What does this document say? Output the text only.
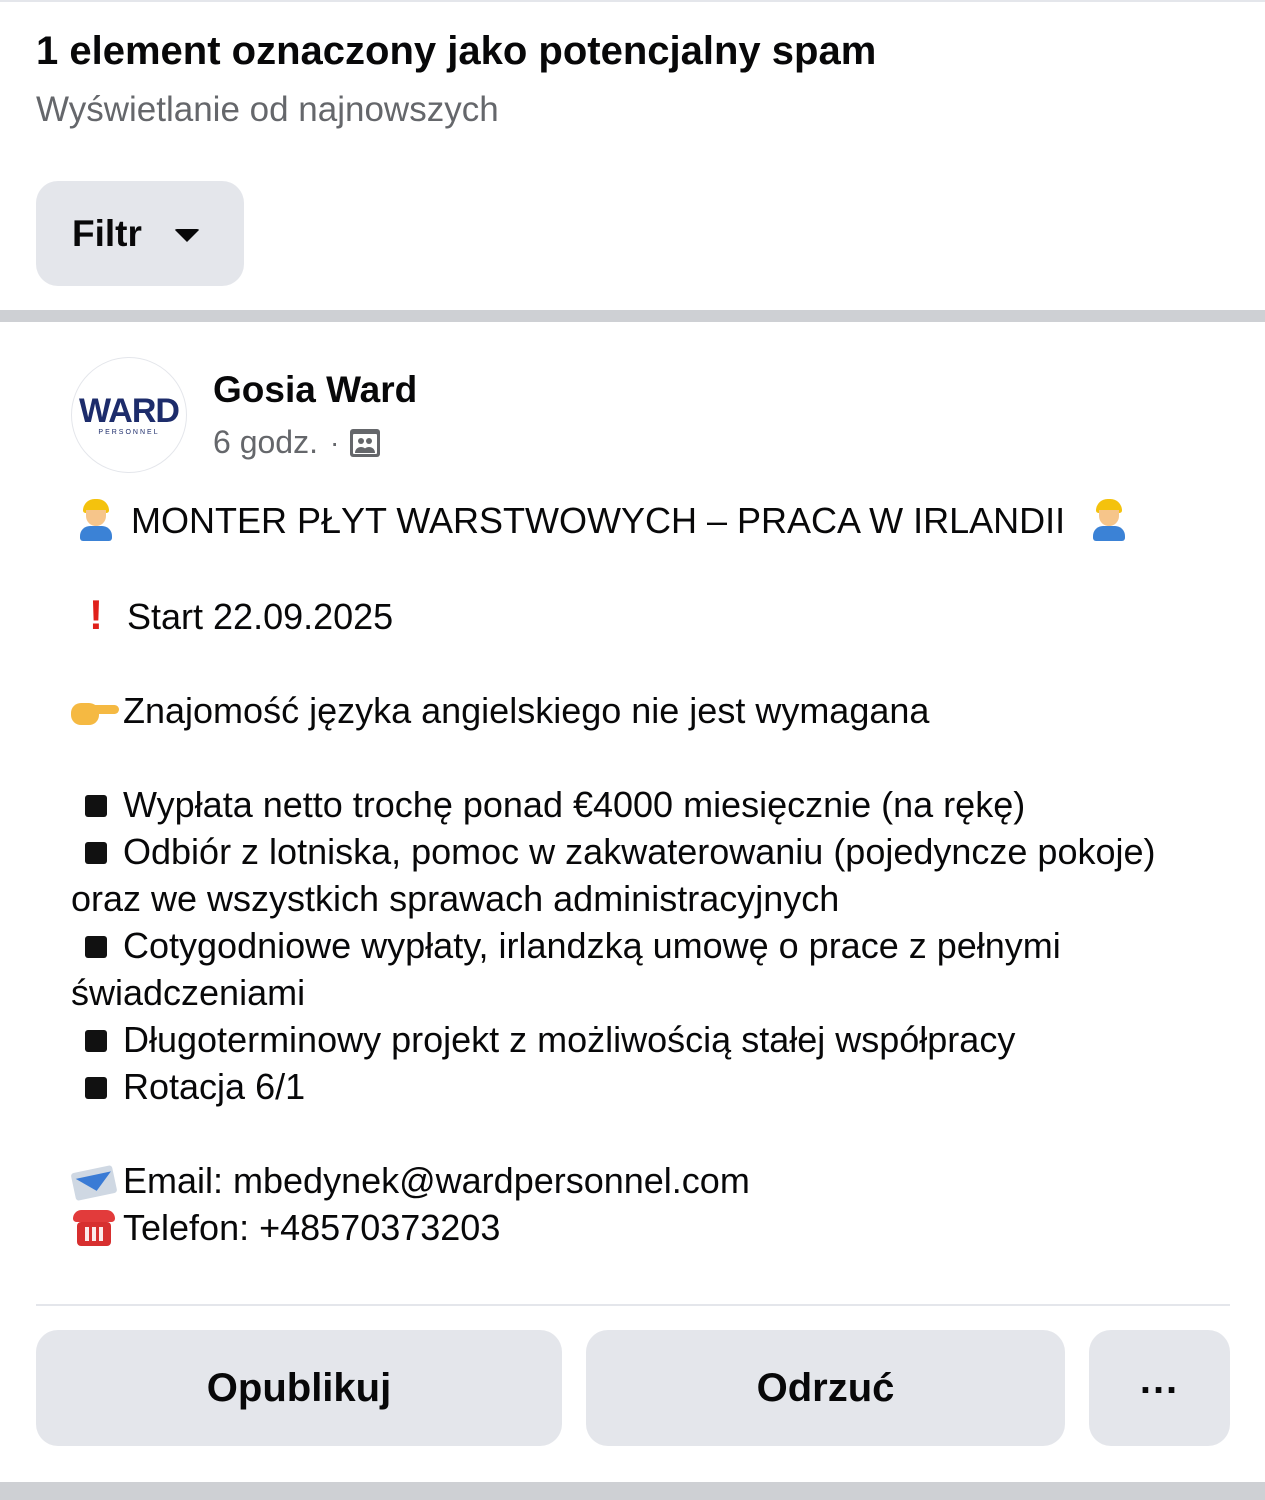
1 element oznaczony jako potencjalny spam
Wyświetlanie od najnowszych
Filtr
WARD
PERSONNEL
Gosia Ward
6 godz. ·
MONTER PŁYT WARSTWOWYCH – PRACA W IRLANDII
! Start 22.09.2025
Znajomość języka angielskiego nie jest wymagana
Wypłata netto trochę ponad €4000 miesięcznie (na rękę)
Odbiór z lotniska, pomoc w zakwaterowaniu (pojedyncze pokoje) oraz we wszystkich sprawach administracyjnych
Cotygodniowe wypłaty, irlandzką umowę o prace z pełnymi świadczeniami
Długoterminowy projekt z możliwością stałej współpracy
Rotacja 6/1
Email: mbedynek@wardpersonnel.com
Telefon: +48570373203
Opublikuj	Odrzuć	...
